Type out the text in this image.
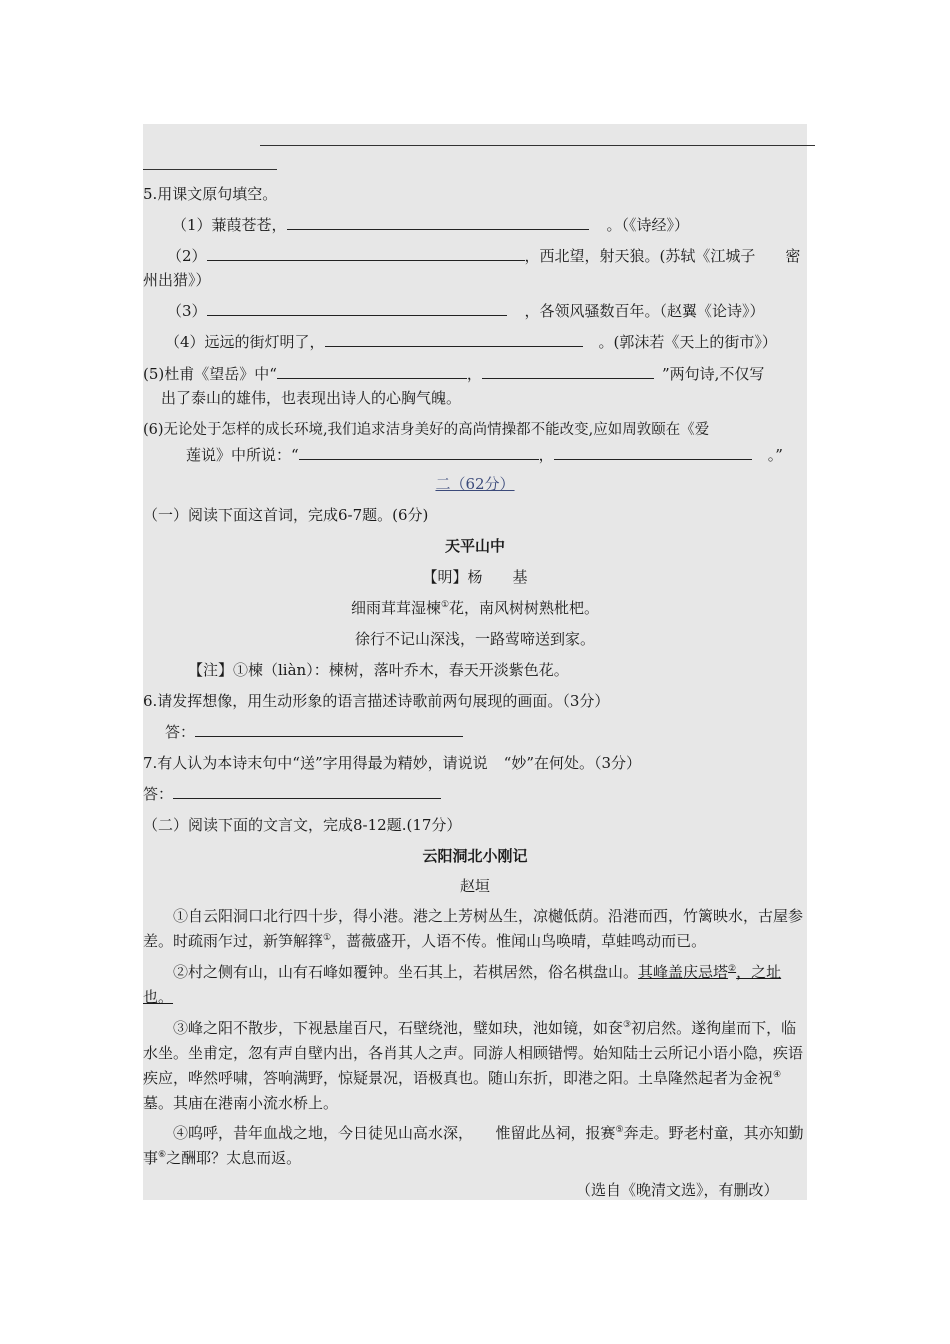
5.用课文原句填空。
（1）蒹葭苍苍，	。（《诗经》）
（2）	，西北望，射天狼。(苏轼《江城子　　密
州出猎》）
（3）	，各领风骚数百年。（赵翼《论诗》）
（4）远远的街灯明了，	。(郭沫若《天上的街市》）
(5)杜甫《望岳》中“	，	”两句诗,不仅写
出了泰山的雄伟，也表现出诗人的心胸气魄。
(6)无论处于怎样的成长环境,我们追求洁身美好的高尚情操都不能改变,应如周敦颐在《爱
莲说》中所说：“	，	。”
二（62分）
（一）阅读下面这首词，完成6-7题。(6分)
天平山中
【明】杨　　基
细雨茸茸湿楝①花，南风树树熟枇杷。
徐行不记山深浅，一路莺啼送到家。
【注】①楝（liàn）：楝树，落叶乔木，春天开淡紫色花。
6.请发挥想像，用生动形象的语言描述诗歌前两句展现的画面。（3分）
答：
7.有人认为本诗末句中“送”字用得最为精妙，请说说 “妙”在何处。（3分）
答：
（二）阅读下面的文言文，完成8-12题.(17分）
云阳洞北小刚记
赵垣
①自云阳洞口北行四十步，得小港。港之上芳树丛生，凉樾低荫。沿港而西，竹篱映水，古屋参差。时疏雨乍过，新笋解箨①，蔷薇盛开，人语不传。惟闻山鸟唤晴，草蛙鸣动而已。
②村之侧有山，山有石峰如覆钟。坐石其上，若棋居然，俗名棋盘山。其峰盖庆忌塔②，之址也。
③峰之阳不散步，下视悬崖百尺，石壁绕池，璧如玦，池如镜，如奁③初启然。遂徇崖而下，临水坐。坐甫定，忽有声自壁内出，各肖其人之声。同游人相顾错愕。始知陆士云所记小语小隐，疾语疾应，哗然呼啸，答响满野，惊疑景况，语极真也。随山东折，即港之阳。土阜隆然起者为金祝④墓。其庙在港南小流水桥上。
④呜呼，昔年血战之地，今日徒见山高水深，　　惟留此丛祠，报赛⑤奔走。野老村童，其亦知勤事⑥之酬耶？太息而返。
（选自《晚清文选》，有删改）
